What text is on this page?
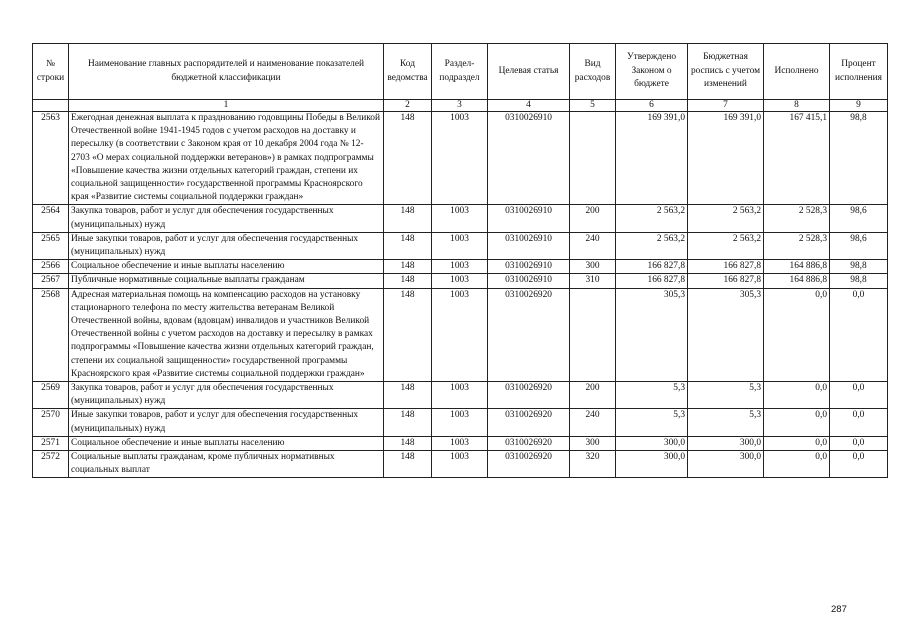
№ строки	Наименование главных распорядителей и наименование показателей бюджетной классификации	Код ведомства	Раздел-подраздел	Целевая статья	Вид расходов	Утверждено Законом о бюджете	Бюджетная роспись с учетом изменений	Исполнено	Процент исполнения
	1	2	3	4	5	6	7	8	9
2563	Ежегодная денежная выплата к празднованию годовщины Победы в Великой Отечественной войне 1941-1945 годов с учетом расходов на доставку и пересылку (в соответствии с Законом края от 10 декабря 2004 года № 12-2703 «О мерах социальной поддержки ветеранов») в рамках подпрограммы «Повышение качества жизни отдельных категорий граждан, степени их социальной защищенности» государственной программы Красноярского края «Развитие системы социальной поддержки граждан»	148	1003	0310026910		169 391,0	169 391,0	167 415,1	98,8
2564	Закупка товаров, работ и услуг для обеспечения государственных (муниципальных) нужд	148	1003	0310026910	200	2 563,2	2 563,2	2 528,3	98,6
2565	Иные закупки товаров, работ и услуг для обеспечения государственных (муниципальных) нужд	148	1003	0310026910	240	2 563,2	2 563,2	2 528,3	98,6
2566	Социальное обеспечение и иные выплаты населению	148	1003	0310026910	300	166 827,8	166 827,8	164 886,8	98,8
2567	Публичные нормативные социальные выплаты гражданам	148	1003	0310026910	310	166 827,8	166 827,8	164 886,8	98,8
2568	Адресная материальная помощь на компенсацию расходов на установку стационарного телефона по месту жительства ветеранам Великой Отечественной войны, вдовам (вдовцам) инвалидов и участников Великой Отечественной войны с учетом расходов на доставку и пересылку в рамках подпрограммы «Повышение качества жизни отдельных категорий граждан, степени их социальной защищенности» государственной программы Красноярского края «Развитие системы социальной поддержки граждан»	148	1003	0310026920		305,3	305,3	0,0	0,0
2569	Закупка товаров, работ и услуг для обеспечения государственных (муниципальных) нужд	148	1003	0310026920	200	5,3	5,3	0,0	0,0
2570	Иные закупки товаров, работ и услуг для обеспечения государственных (муниципальных) нужд	148	1003	0310026920	240	5,3	5,3	0,0	0,0
2571	Социальное обеспечение и иные выплаты населению	148	1003	0310026920	300	300,0	300,0	0,0	0,0
2572	Социальные выплаты гражданам, кроме публичных нормативных социальных выплат	148	1003	0310026920	320	300,0	300,0	0,0	0,0
287
